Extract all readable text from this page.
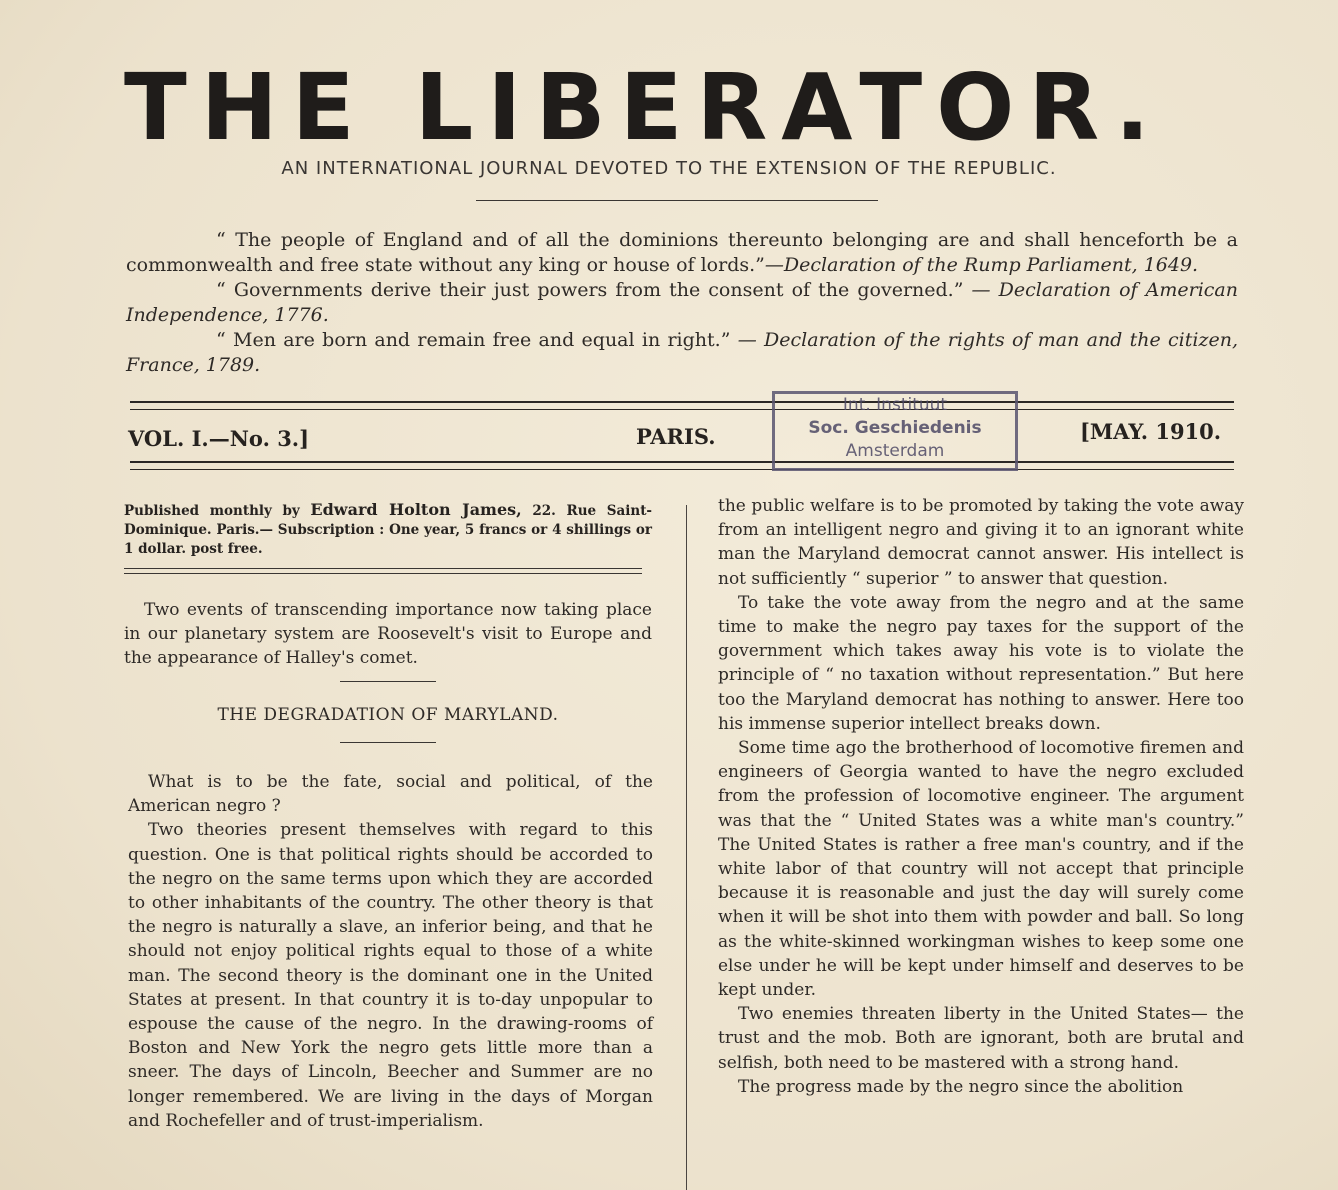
THE LIBERATOR.
AN INTERNATIONAL JOURNAL DEVOTED TO THE EXTENSION OF THE REPUBLIC.

“ The people of England and of all the dominions thereunto belonging are and shall henceforth be a commonwealth and free state without any king or house of lords.”—Declaration of the Rump Parliament, 1649.

“ Governments derive their just powers from the consent of the governed.” — Declaration of American Independence, 1776.

“ Men are born and remain free and equal in right.” — Declaration of the rights of man and the citizen, France, 1789.

VOL. I.—No. 3.]	PARIS.	[MAY. 1910.
Int. Instituut
Soc. Geschiedenis
Amsterdam
Published monthly by Edward Holton James, 22. Rue Saint-Dominique. Paris.— Subscription : One year, 5 francs or 4 shillings or 1 dollar. post free.

Two events of transcending importance now taking place in our planetary system are Roosevelt's visit to Europe and the appearance of Halley's comet.

THE DEGRADATION OF MARYLAND.

What is to be the fate, social and political, of the American negro ?

Two theories present themselves with regard to this question. One is that political rights should be accorded to the negro on the same terms upon which they are accorded to other inhabitants of the country. The other theory is that the negro is naturally a slave, an inferior being, and that he should not enjoy political rights equal to those of a white man. The second theory is the dominant one in the United States at present. In that country it is to-day unpopular to espouse the cause of the negro. In the drawing-rooms of Boston and New York the negro gets little more than a sneer. The days of Lincoln, Beecher and Summer are no longer remembered. We are living in the days of Morgan and Rochefeller and of trust-imperialism.

the public welfare is to be promoted by taking the vote away from an intelligent negro and giving it to an ignorant white man the Maryland democrat cannot answer. His intellect is not sufficiently “ superior ” to answer that question.

To take the vote away from the negro and at the same time to make the negro pay taxes for the support of the government which takes away his vote is to violate the principle of “ no taxation without representation.” But here too the Maryland democrat has nothing to answer. Here too his immense superior intellect breaks down.

Some time ago the brotherhood of locomotive firemen and engineers of Georgia wanted to have the negro excluded from the profession of locomotive engineer. The argument was that the “ United States was a white man's country.” The United States is rather a free man's country, and if the white labor of that country will not accept that principle because it is reasonable and just the day will surely come when it will be shot into them with powder and ball. So long as the white-skinned workingman wishes to keep some one else under he will be kept under himself and deserves to be kept under.

Two enemies threaten liberty in the United States— the trust and the mob. Both are ignorant, both are brutal and selfish, both need to be mastered with a strong hand.

The progress made by the negro since the abolition
